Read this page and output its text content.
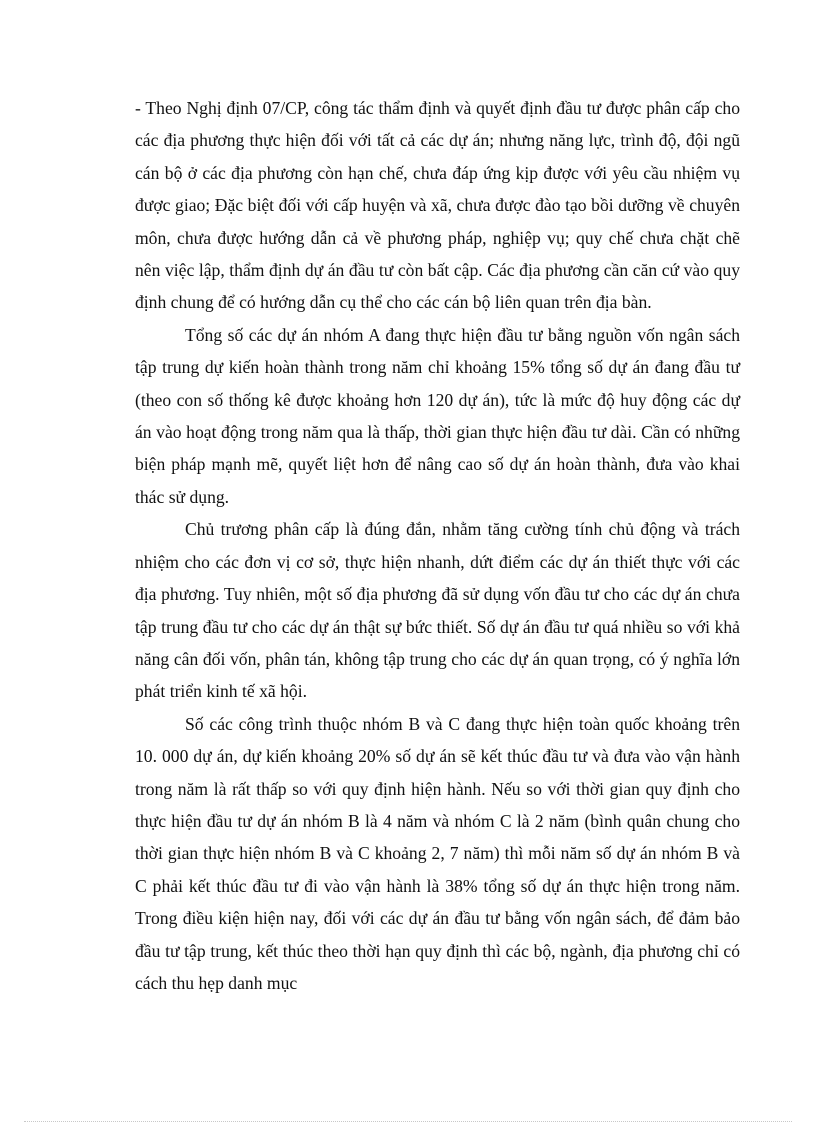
- Theo Nghị định 07/CP, công tác thẩm định và quyết định đầu tư được phân cấp cho các địa phương thực hiện đối với tất cả các dự án; nhưng năng lực, trình độ, đội ngũ cán bộ ở các địa phương còn hạn chế, chưa đáp ứng kịp được với yêu cầu nhiệm vụ được giao; Đặc biệt đối với cấp huyện và xã, chưa được đào tạo bồi dưỡng về chuyên môn, chưa được hướng dẫn cả về phương pháp, nghiệp vụ; quy chế chưa chặt chẽ nên việc lập, thẩm định dự án đầu tư còn bất cập. Các địa phương cần căn cứ vào quy định chung để có hướng dẫn cụ thể cho các cán bộ liên quan trên địa bàn.

Tổng số các dự án nhóm A đang thực hiện đầu tư bằng nguồn vốn ngân sách tập trung dự kiến hoàn thành trong năm chỉ khoảng 15% tổng số dự án đang đầu tư (theo con số thống kê được khoảng hơn 120 dự án), tức là mức độ huy động các dự án vào hoạt động trong năm qua là thấp, thời gian thực hiện đầu tư dài. Cần có những biện pháp mạnh mẽ, quyết liệt hơn để nâng cao số dự án hoàn thành, đưa vào khai thác sử dụng.

Chủ trương phân cấp là đúng đắn, nhằm tăng cường tính chủ động và trách nhiệm cho các đơn vị cơ sở, thực hiện nhanh, dứt điểm các dự án thiết thực với các địa phương. Tuy nhiên, một số địa phương đã sử dụng vốn đầu tư cho các dự án chưa tập trung đầu tư cho các dự án thật sự bức thiết. Số dự án đầu tư quá nhiều so với khả năng cân đối vốn, phân tán, không tập trung cho các dự án quan trọng, có ý nghĩa lớn phát triển kinh tế xã hội.

Số các công trình thuộc nhóm B và C đang thực hiện toàn quốc khoảng trên 10. 000 dự án, dự kiến khoảng 20% số dự án sẽ kết thúc đầu tư và đưa vào vận hành trong năm là rất thấp so với quy định hiện hành. Nếu so với thời gian quy định cho thực hiện đầu tư dự án nhóm B là 4 năm và nhóm C là 2 năm (bình quân chung cho thời gian thực hiện nhóm B và C khoảng 2, 7 năm) thì mỗi năm số dự án nhóm B và C phải kết thúc đầu tư đi vào vận hành là 38% tổng số dự án thực hiện trong năm. Trong điều kiện hiện nay, đối với các dự án đầu tư bằng vốn ngân sách, để đảm bảo đầu tư tập trung, kết thúc theo thời hạn quy định thì các bộ, ngành, địa phương chỉ có cách thu hẹp danh mục
